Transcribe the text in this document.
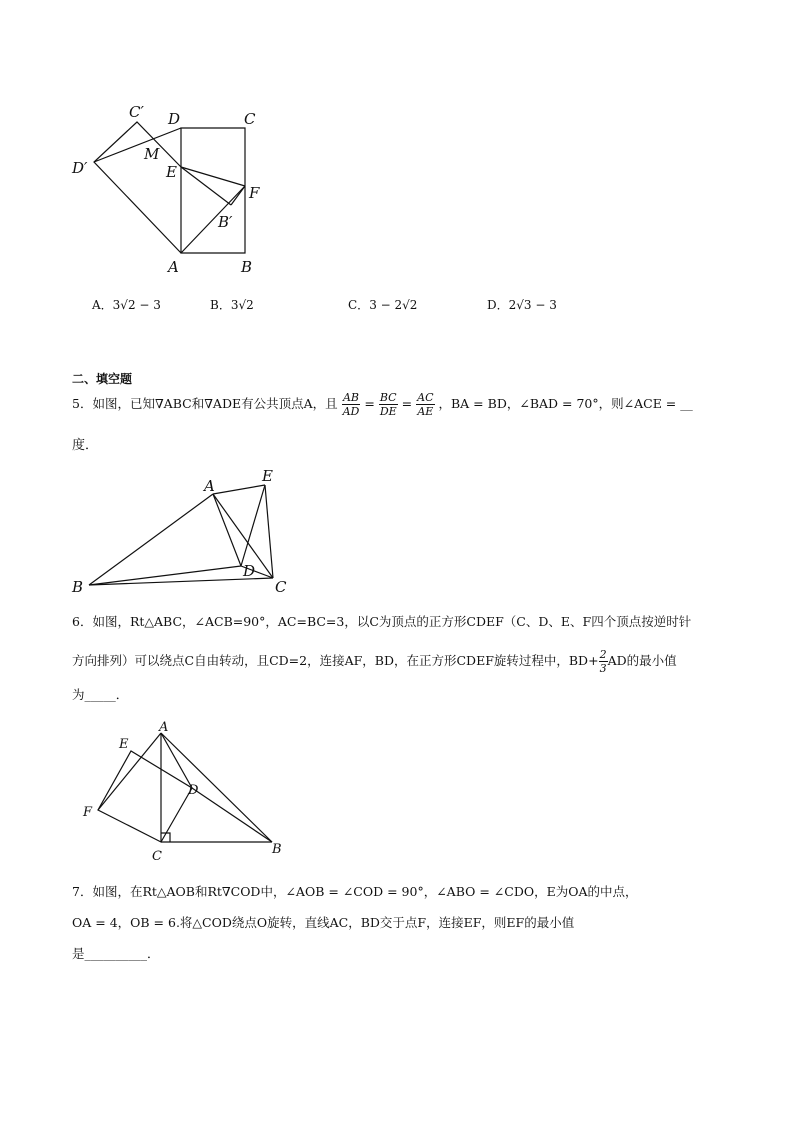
C′ D	C
D′
M
E
F
B′
A	B
A．3√2 − 3	B．3√2	C．3 − 2√2	D．2√3 − 3
二、填空题
5．如图，已知∇ABC和∇ADE有公共顶点A，且 $\frac{AB}{AD} = \frac{BC}{DE} = \frac{AC}{AE}$ ，BA = BD，∠BAD = 70°，则∠ACE = __
度．
A
E
B
D
C
6．如图，Rt△ABC，∠ACB=90°，AC=BC=3，以C为顶点的正方形CDEF（C、D、E、F四个顶点按逆时针
方向排列）可以绕点C自由转动，且CD=2，连接AF，BD，在正方形CDEF旋转过程中，$BD+ \frac{2}{3}$ AD的最小值
为_____．
A
E
D
F
C	B
7．如图，在Rt△AOB和Rt∇COD中，∠AOB = ∠COD = 90°，∠ABO = ∠CDO，E为OA的中点，
OA = 4，OB = 6.将△COD绕点O旋转，直线AC，BD交于点F，连接EF，则EF的最小值
是__________．
